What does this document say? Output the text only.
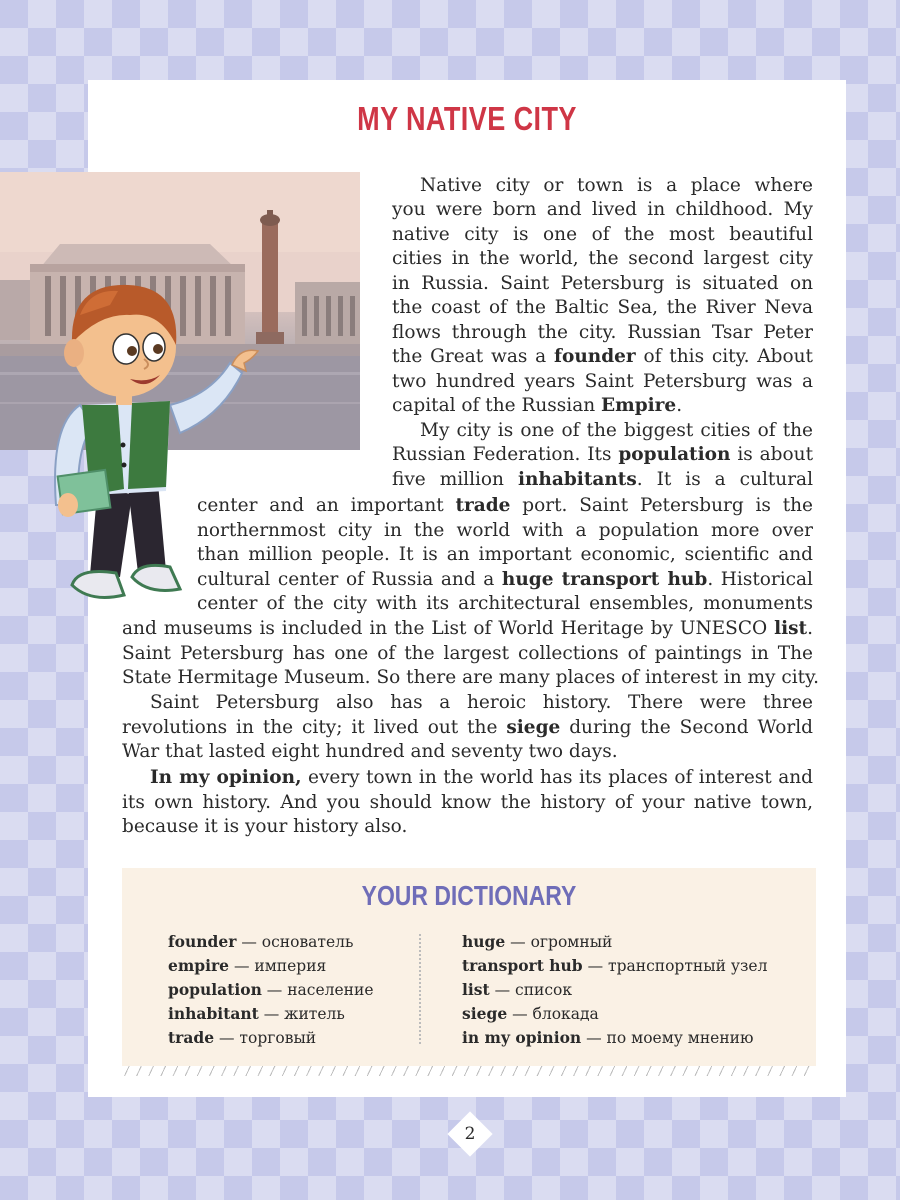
MY NATIVE CITY
Native city or town is a place where
you were born and lived in childhood. My
native city is one of the most beautiful
cities in the world, the second largest city
in Russia. Saint Petersburg is situated on
the coast of the Baltic Sea, the River Neva
flows through the city. Russian Tsar Peter
the Great was a founder of this city. About
two hundred years Saint Petersburg was a
capital of the Russian Empire.
My city is one of the biggest cities of the
Russian Federation. Its population is about
five million inhabitants. It is a cultural
center and an important trade port. Saint Petersburg is the
northernmost city in the world with a population more over
than million people. It is an important economic, scientific and
cultural center of Russia and a huge transport hub. Historical
center of the city with its architectural ensembles, monuments
and museums is included in the List of World Heritage by UNESCO list.
Saint Petersburg has one of the largest collections of paintings in The
State Hermitage Museum. So there are many places of interest in my city.
Saint Petersburg also has a heroic history. There were three
revolutions in the city; it lived out the siege during the Second World
War that lasted eight hundred and seventy two days.
In my opinion, every town in the world has its places of interest and
its own history. And you should know the history of your native town,
because it is your history also.
YOUR DICTIONARY
founder — основатель
empire — империя
population — население
inhabitant — житель
trade — торговый
huge — огромный
transport hub — транспортный узел
list — список
siege — блокада
in my opinion — по моему мнению
2
